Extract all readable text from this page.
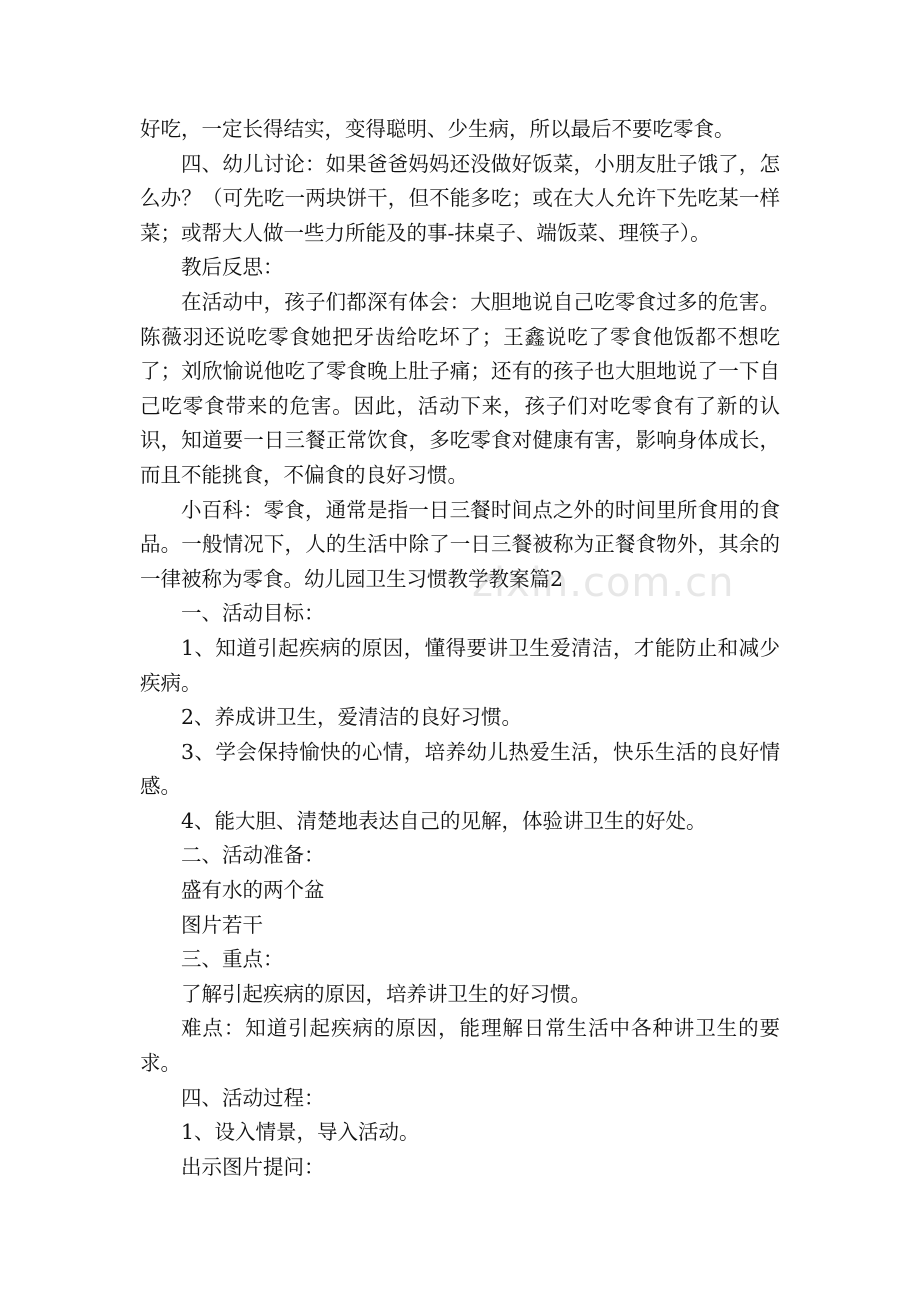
好吃，一定长得结实，变得聪明、少生病，所以最后不要吃零食。

四、幼儿讨论：如果爸爸妈妈还没做好饭菜，小朋友肚子饿了，怎么办？（可先吃一两块饼干，但不能多吃；或在大人允许下先吃某一样菜；或帮大人做一些力所能及的事-抹桌子、端饭菜、理筷子）。

教后反思：

在活动中，孩子们都深有体会：大胆地说自己吃零食过多的危害。陈薇羽还说吃零食她把牙齿给吃坏了；王鑫说吃了零食他饭都不想吃了；刘欣愉说他吃了零食晚上肚子痛；还有的孩子也大胆地说了一下自己吃零食带来的危害。因此，活动下来，孩子们对吃零食有了新的认识，知道要一日三餐正常饮食，多吃零食对健康有害，影响身体成长，而且不能挑食，不偏食的良好习惯。

小百科：零食，通常是指一日三餐时间点之外的时间里所食用的食品。一般情况下，人的生活中除了一日三餐被称为正餐食物外，其余的一律被称为零食。幼儿园卫生习惯教学教案篇2

一、活动目标：

1、知道引起疾病的原因，懂得要讲卫生爱清洁，才能防止和减少疾病。

2、养成讲卫生，爱清洁的良好习惯。

3、学会保持愉快的心情，培养幼儿热爱生活，快乐生活的良好情感。

4、能大胆、清楚地表达自己的见解，体验讲卫生的好处。

二、活动准备：

盛有水的两个盆

图片若干

三、重点：

了解引起疾病的原因，培养讲卫生的好习惯。

难点：知道引起疾病的原因，能理解日常生活中各种讲卫生的要求。

四、活动过程：

1、设入情景，导入活动。

出示图片提问：

zixin.com.cn
